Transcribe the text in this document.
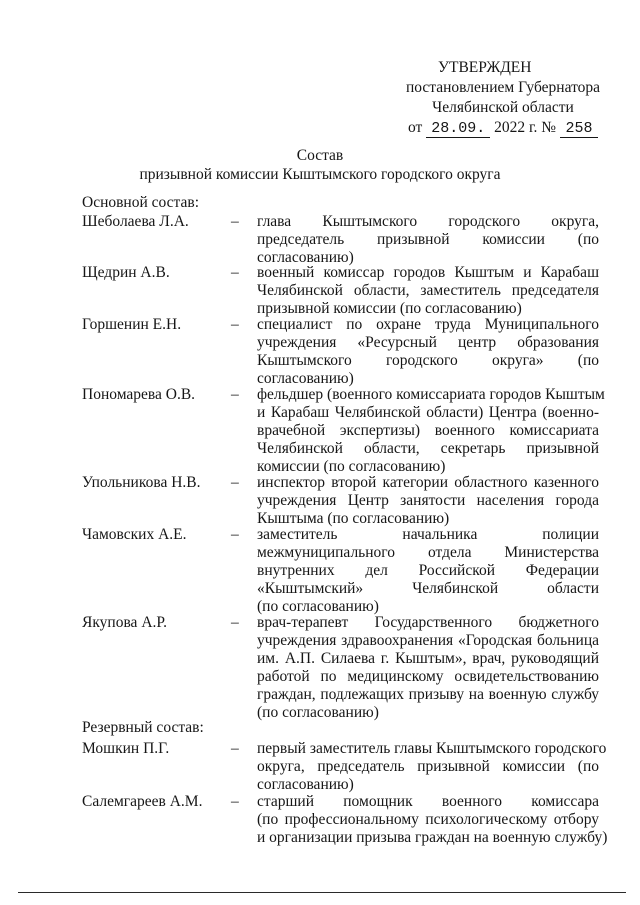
УТВЕРЖДЕН
постановлением Губернатора
Челябинской области
от 28.09. 2022 г. № 258
Состав
призывной комиссии Кыштымского городского округа
Основной состав:
Шеболаева Л.А.	– глава Кыштымского городского округа,
председатель призывной комиссии (по
согласованию)
Щедрин А.В.	– военный комиссар городов Кыштым и Карабаш
Челябинской области, заместитель председателя
призывной комиссии (по согласованию)
Горшенин Е.Н.	– специалист по охране труда Муниципального
учреждения «Ресурсный центр образования
Кыштымского городского округа» (по
согласованию)
Пономарева О.В. – фельдшер (военного комиссариата городов Кыштым
и Карабаш Челябинской области) Центра (военно-
врачебной экспертизы) военного комиссариата
Челябинской области, секретарь призывной
комиссии (по согласованию)
Упольникова Н.В. – инспектор второй категории областного казенного
учреждения Центр занятости населения города
Кыштыма (по согласованию)
Чамовских А.Е.	– заместитель начальника полиции
межмуниципального отдела Министерства
внутренних дел Российской Федерации
«Кыштымский» Челябинской области
(по согласованию)
Якупова А.Р.	– врач-терапевт Государственного бюджетного
учреждения здравоохранения «Городская больница
им. А.П. Силаева г. Кыштым», врач, руководящий
работой по медицинскому освидетельствованию
граждан, подлежащих призыву на военную службу
(по согласованию)
Резервный состав:
Мошкин П.Г.	– первый заместитель главы Кыштымского городского
округа, председатель призывной комиссии (по
согласованию)
Салемгареев А.М. – старший помощник военного комиссара
(по профессиональному психологическому отбору
и организации призыва граждан на военную службу)
